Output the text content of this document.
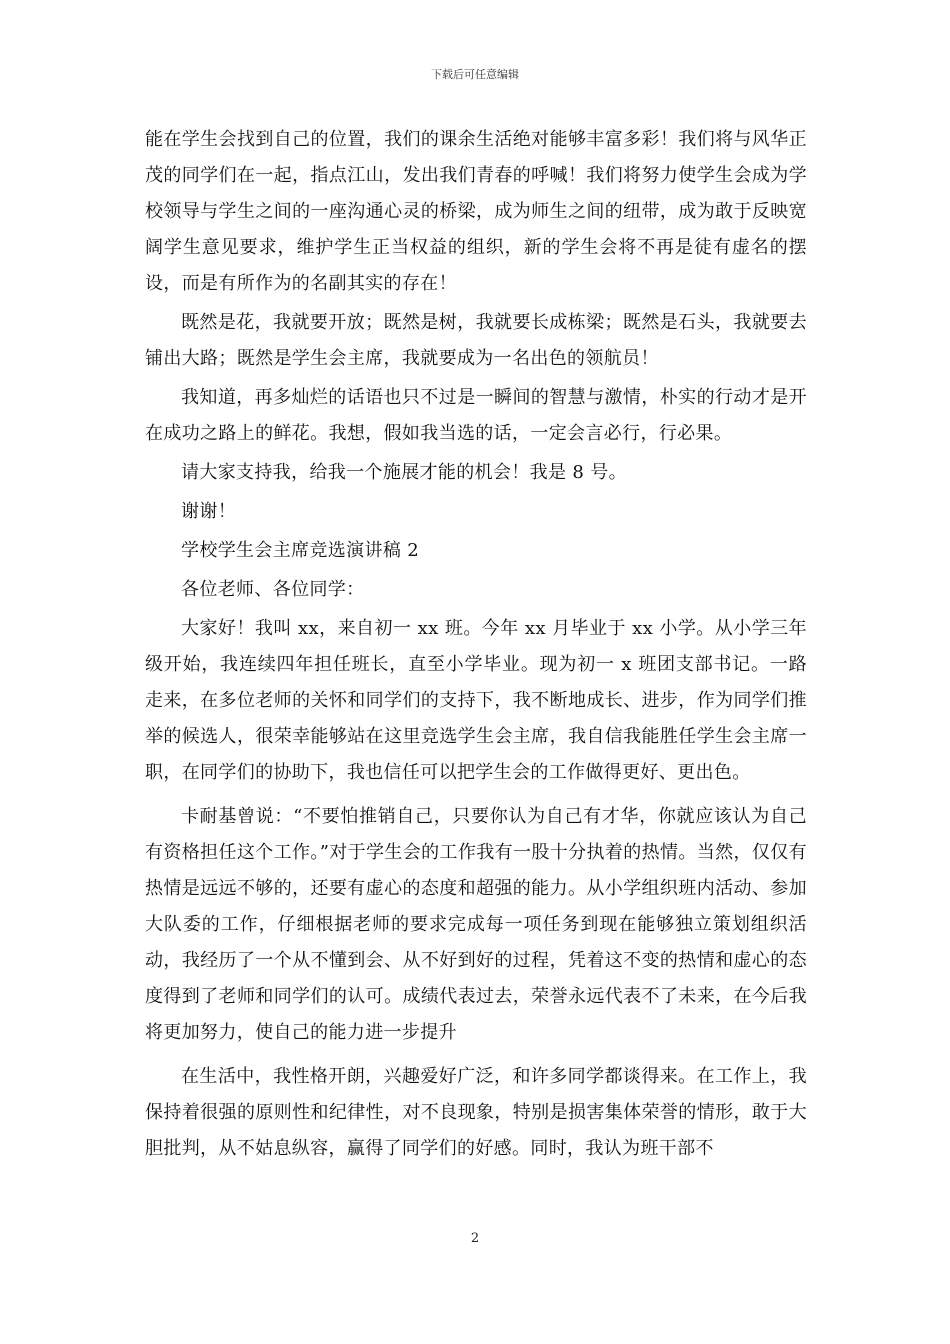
下载后可任意编辑

能在学生会找到自己的位置，我们的课余生活绝对能够丰富多彩！我们将与风华正茂的同学们在一起，指点江山，发出我们青春的呼喊！我们将努力使学生会成为学校领导与学生之间的一座沟通心灵的桥梁，成为师生之间的纽带，成为敢于反映宽阔学生意见要求，维护学生正当权益的组织，新的学生会将不再是徒有虚名的摆设，而是有所作为的名副其实的存在！

既然是花，我就要开放；既然是树，我就要长成栋梁；既然是石头，我就要去铺出大路；既然是学生会主席，我就要成为一名出色的领航员！

我知道，再多灿烂的话语也只不过是一瞬间的智慧与激情，朴实的行动才是开在成功之路上的鲜花。我想，假如我当选的话，一定会言必行，行必果。

请大家支持我，给我一个施展才能的机会！我是 8 号。

谢谢！

学校学生会主席竞选演讲稿 2

各位老师、各位同学：

大家好！我叫 xx，来自初一 xx 班。今年 xx 月毕业于 xx 小学。从小学三年级开始，我连续四年担任班长，直至小学毕业。现为初一 x 班团支部书记。一路走来，在多位老师的关怀和同学们的支持下，我不断地成长、进步，作为同学们推举的候选人，很荣幸能够站在这里竞选学生会主席，我自信我能胜任学生会主席一职，在同学们的协助下，我也信任可以把学生会的工作做得更好、更出色。

卡耐基曾说：“不要怕推销自己，只要你认为自己有才华，你就应该认为自己有资格担任这个工作。”对于学生会的工作我有一股十分执着的热情。当然，仅仅有热情是远远不够的，还要有虚心的态度和超强的能力。从小学组织班内活动、参加大队委的工作，仔细根据老师的要求完成每一项任务到现在能够独立策划组织活动，我经历了一个从不懂到会、从不好到好的过程，凭着这不变的热情和虚心的态度得到了老师和同学们的认可。成绩代表过去，荣誉永远代表不了未来，在今后我将更加努力，使自己的能力进一步提升

在生活中，我性格开朗，兴趣爱好广泛，和许多同学都谈得来。在工作上，我保持着很强的原则性和纪律性，对不良现象，特别是损害集体荣誉的情形，敢于大胆批判，从不姑息纵容，赢得了同学们的好感。同时，我认为班干部不

2
